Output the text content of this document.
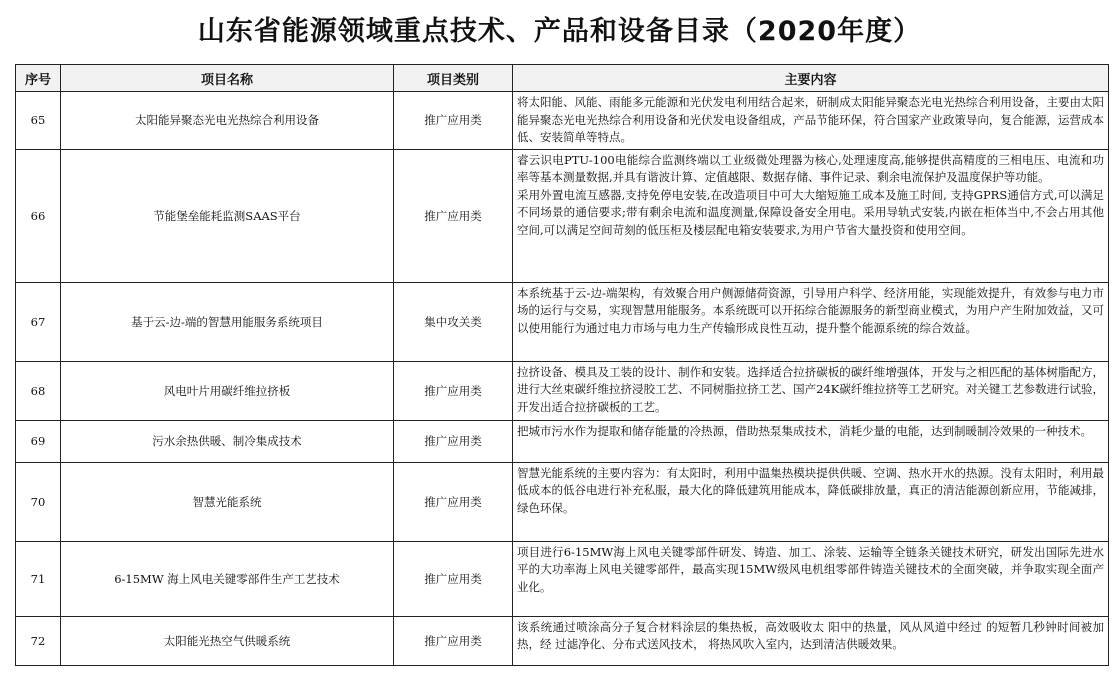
山东省能源领域重点技术、产品和设备目录（2020年度）
序号	项目名称	项目类别	主要内容
65	太阳能异聚态光电光热综合利用设备	推广应用类	将太阳能、风能、雨能多元能源和光伏发电利用结合起来，研制成太阳能异聚态光电光热综合利用设备，主要由太阳能异聚态光电光热综合利用设备和光伏发电设备组成，产品节能环保，符合国家产业政策导向，复合能源，运营成本低、安装简单等特点。

66	节能堡垒能耗监测SAAS平台	推广应用类	睿云识电PTU-100电能综合监测终端以工业级微处理器为核心,处理速度高,能够提供高精度的三相电压、电流和功率等基本测量数据,并具有谐波计算、定值越限、数据存储、事件记录、剩余电流保护及温度保护等功能。
采用外置电流互感器,支持免停电安装,在改造项目中可大大缩短施工成本及施工时间, 支持GPRS通信方式,可以满足不同场景的通信要求;带有剩余电流和温度测量,保障设备安全用电。采用导轨式安装,内嵌在柜体当中,不会占用其他空间,可以满足空间苛刻的低压柜及楼层配电箱安装要求,为用户节省大量投资和使用空间。

67	基于云-边-端的智慧用能服务系统项目	集中攻关类	本系统基于云-边-端架构，有效聚合用户侧源储荷资源，引导用户科学、经济用能，实现能效提升，有效参与电力市场的运行与交易，实现智慧用能服务。本系统既可以开拓综合能源服务的新型商业模式，为用户产生附加效益，又可以使用能行为通过电力市场与电力生产传输形成良性互动，提升整个能源系统的综合效益。

68	风电叶片用碳纤维拉挤板	推广应用类	拉挤设备、模具及工装的设计、制作和安装。选择适合拉挤碳板的碳纤维增强体，开发与之相匹配的基体树脂配方，进行大丝束碳纤维拉挤浸胶工艺、不同树脂拉挤工艺、国产24K碳纤维拉挤等工艺研究。对关键工艺参数进行试验，开发出适合拉挤碳板的工艺。

69	污水余热供暖、制冷集成技术	推广应用类	把城市污水作为提取和储存能量的冷热源，借助热泵集成技术，消耗少量的电能，达到制暖制冷效果的一种技术。

70	智慧光能系统	推广应用类	智慧光能系统的主要内容为：有太阳时，利用中温集热模块提供供暖、空调、热水开水的热源。没有太阳时，利用最低成本的低谷电进行补充私服，最大化的降低建筑用能成本，降低碳排放量，真正的清洁能源创新应用，节能减排，绿色环保。

71	6-15MW 海上风电关键零部件生产工艺技术	推广应用类	项目进行6-15MW海上风电关键零部件研发、铸造、加工、涂装、运输等全链条关键技术研究，研发出国际先进水平的大功率海上风电关键零部件，最高实现15MW级风电机组零部件铸造关键技术的全面突破，并争取实现全面产业化。

72	太阳能光热空气供暖系统	推广应用类	该系统通过喷涂高分子复合材料涂层的集热板，高效吸收太 阳中的热量，风从风道中经过 的短暂几秒钟时间被加热，经 过滤净化、分布式送风技术， 将热风吹入室内，达到清洁供暖效果。
